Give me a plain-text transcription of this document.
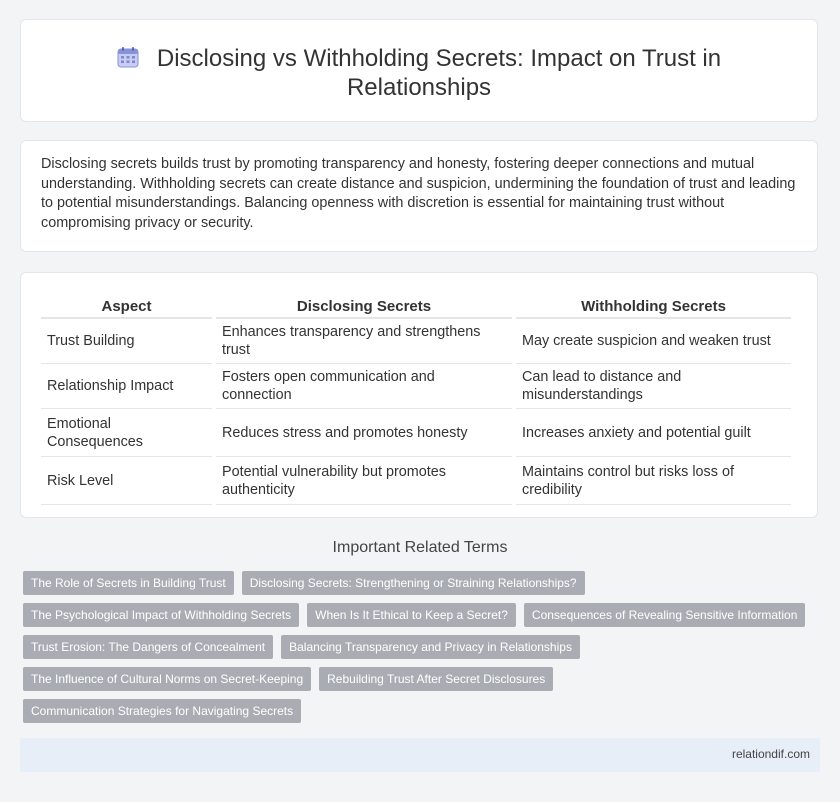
Disclosing vs Withholding Secrets: Impact on Trust in Relationships

Disclosing secrets builds trust by promoting transparency and honesty, fostering deeper connections and mutual understanding. Withholding secrets can create distance and suspicion, undermining the foundation of trust and leading to potential misunderstandings. Balancing openness with discretion is essential for maintaining trust without compromising privacy or security.

Aspect	Disclosing Secrets	Withholding Secrets
Trust Building	Enhances transparency and strengthens trust	May create suspicion and weaken trust
Relationship Impact	Fosters open communication and connection	Can lead to distance and misunderstandings
Emotional Consequences	Reduces stress and promotes honesty	Increases anxiety and potential guilt
Risk Level	Potential vulnerability but promotes authenticity	Maintains control but risks loss of credibility
Important Related Terms
The Role of Secrets in Building Trust	Disclosing Secrets: Strengthening or Straining Relationships?
The Psychological Impact of Withholding Secrets	When Is It Ethical to Keep a Secret?	Consequences of Revealing Sensitive Information
Trust Erosion: The Dangers of Concealment	Balancing Transparency and Privacy in Relationships
The Influence of Cultural Norms on Secret-Keeping	Rebuilding Trust After Secret Disclosures
Communication Strategies for Navigating Secrets
relationdif.com
